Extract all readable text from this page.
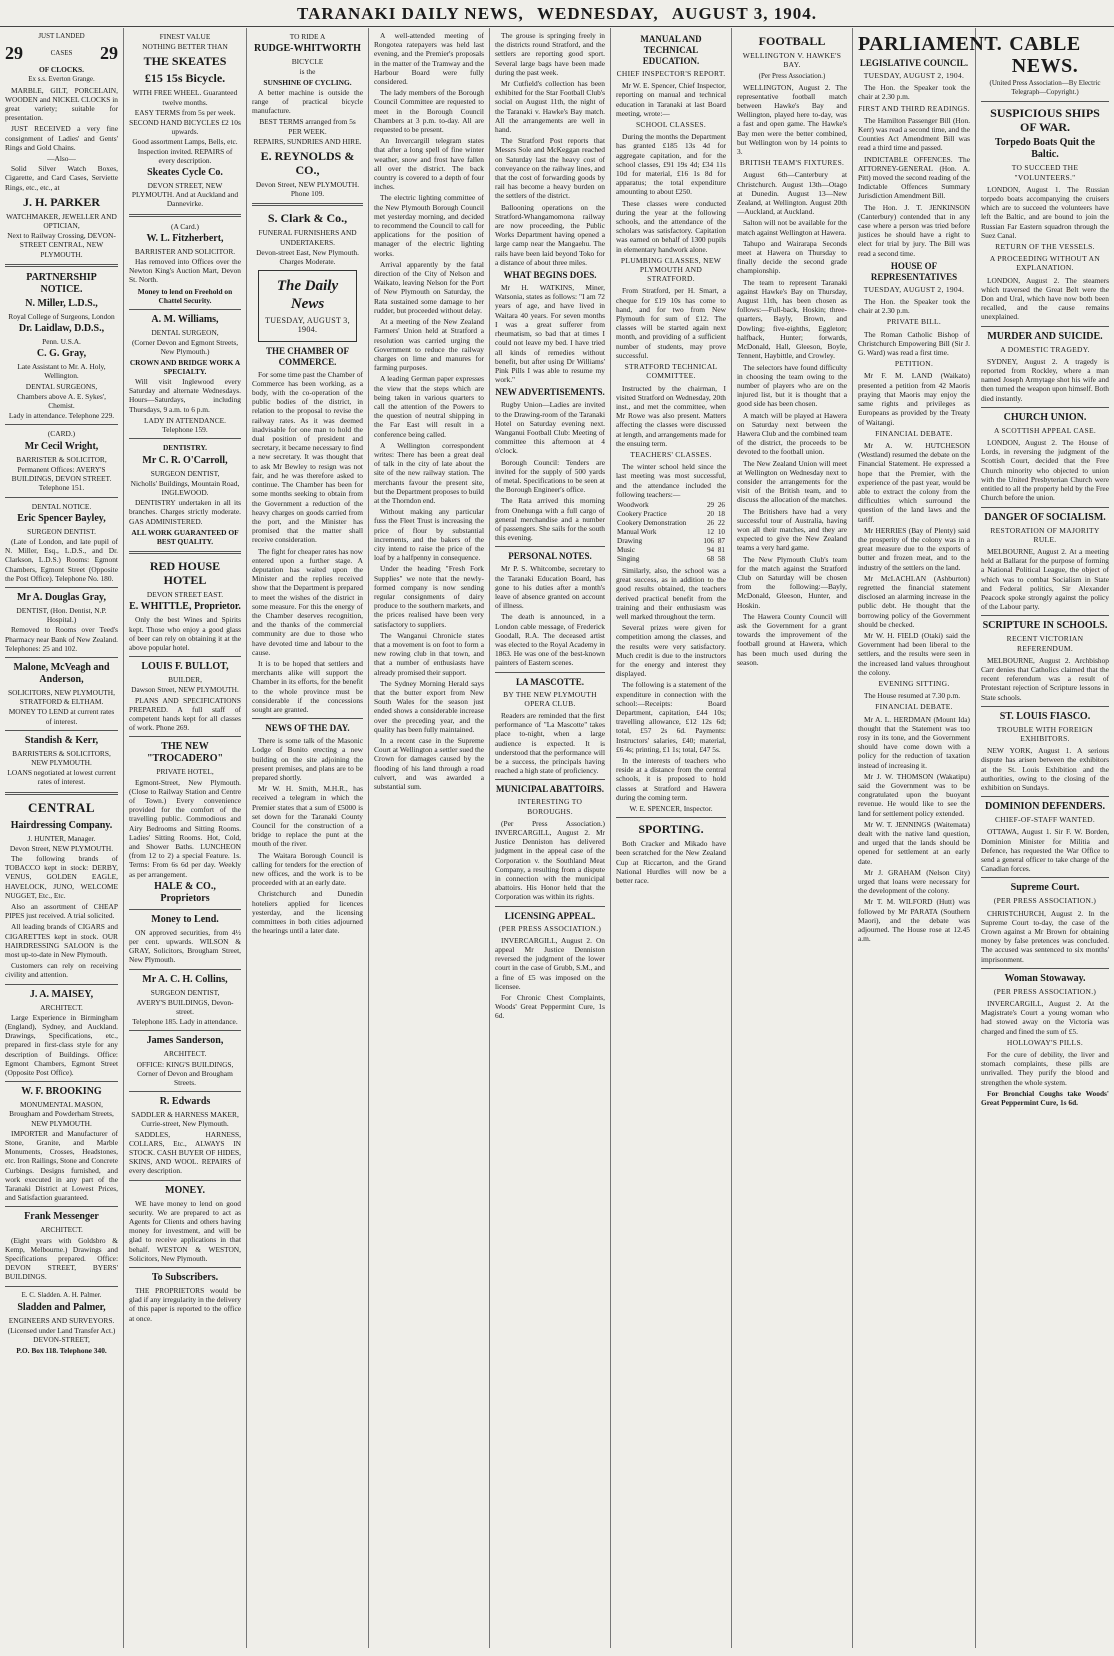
TARANAKI DAILY NEWS, WEDNESDAY, AUGUST 3, 1904.
JUST LANDED
29	CASES 29
OF CLOCKS.
Ex s.s. Everton Grange.
MARBLE, GILT, PORCELAIN, WOODEN and NICKEL CLOCKS in great variety; suitable for presentation.
JUST RECEIVED a very fine consignment of Ladies' and Gents' Rings and Gold Chains.
—Also—
Solid Silver Watch Boxes, Cigarette, and Card Cases, Serviette Rings, etc., etc., at
J. H. PARKER
WATCHMAKER, JEWELLER AND OPTICIAN,
Next to Railway Crossing, DEVON-STREET CENTRAL, NEW PLYMOUTH.
PARTNERSHIP NOTICE.
N. Miller, L.D.S.,
Royal College of Surgeons, London
Dr. Laidlaw, D.D.S.,
Penn. U.S.A.
C. G. Gray,
Late Assistant to Mr. A. Holy, Wellington.
DENTAL SURGEONS,
Chambers above A. E. Sykes', Chemist.
Lady in attendance. Telephone 229.
(CARD.)
Mr Cecil Wright,
BARRISTER & SOLICITOR,
Permanent Offices: AVERY'S BUILDINGS, DEVON STREET. Telephone 151.
DENTAL NOTICE.
Eric Spencer Bayley,
SURGEON DENTIST.
(Late of London, and late pupil of N. Miller, Esq., L.D.S., and Dr. Clarkson, L.D.S.) Rooms: Egmont Chambers, Egmont Street (Opposite the Post Office). Telephone No. 180.
Mr A. Douglas Gray,
DENTIST, (Hon. Dentist, N.P. Hospital.)
Removed to Rooms over Teed's Pharmacy near Bank of New Zealand. Telephones: 25 and 102.
Malone, McVeagh and Anderson,
SOLICITORS, NEW PLYMOUTH, STRATFORD & ELTHAM.
MONEY TO LEND at current rates of interest.
Standish & Kerr,
BARRISTERS & SOLICITORS, NEW PLYMOUTH.
LOANS negotiated at lowest current rates of interest.
CENTRAL
Hairdressing Company.
J. HUNTER, Manager.
Devon Street, NEW PLYMOUTH.
The following brands of TOBACCO kept in stock: DERBY, VENUS, GOLDEN EAGLE, HAVELOCK, JUNO, WELCOME NUGGET, Etc., Etc.
Also an assortment of CHEAP PIPES just received. A trial solicited.
All leading brands of CIGARS and CIGARETTES kept in stock. OUR HAIRDRESSING SALOON is the most up-to-date in New Plymouth.
Customers can rely on receiving civility and attention.
J. A. MAISEY,
ARCHITECT.
Large Experience in Birmingham (England), Sydney, and Auckland. Drawings, Specifications, etc., prepared in first-class style for any description of Buildings. Office: Egmont Chambers, Egmont Street (Opposite Post Office).
W. F. BROOKING
MONUMENTAL MASON, Brougham and Powderham Streets, NEW PLYMOUTH.
IMPORTER and Manufacturer of Stone, Granite, and Marble Monuments, Crosses, Headstones, etc. Iron Railings, Stone and Concrete Curbings. Designs furnished, and work executed in any part of the Taranaki District at Lowest Prices, and Satisfaction guaranteed.
Frank Messenger
ARCHITECT.
(Eight years with Goldsbro & Kemp, Melbourne.) Drawings and Specifications prepared. Office: DEVON STREET, BYERS' BUILDINGS.
E. C. Sladden. A. H. Palmer.
Sladden and Palmer,
ENGINEERS AND SURVEYORS.
(Licensed under Land Transfer Act.) DEVON-STREET,
P.O. Box 118. Telephone 340.
FINEST VALUE
NOTHING BETTER THAN
THE SKEATES
£15 15s Bicycle.
WITH FREE WHEEL. Guaranteed twelve months.
EASY TERMS from 5s per week.
SECOND HAND BICYCLES £2 10s upwards.
Good assortment Lamps, Bells, etc. Inspection invited. REPAIRS of every description.
Skeates Cycle Co.
DEVON STREET, NEW PLYMOUTH. And at Auckland and Dannevirke.
(A Card.)
W. L. Fitzherbert,
BARRISTER AND SOLICITOR.
Has removed into Offices over the Newton King's Auction Mart, Devon St. North.
Money to lend on Freehold on Chattel Security.
A. M. Williams,
DENTAL SURGEON,
(Corner Devon and Egmont Streets, New Plymouth.)
CROWN AND BRIDGE WORK A SPECIALTY.
Will visit Inglewood every Saturday and alternate Wednesdays. Hours—Saturdays, including Thursdays, 9 a.m. to 6 p.m.
LADY IN ATTENDANCE. Telephone 159.
DENTISTRY.
Mr C. R. O'Carroll,
SURGEON DENTIST,
Nicholls' Buildings, Mountain Road, INGLEWOOD.
DENTISTRY undertaken in all its branches. Charges strictly moderate. GAS ADMINISTERED.
ALL WORK GUARANTEED OF BEST QUALITY.
RED HOUSE HOTEL
DEVON STREET EAST.
E. WHITTLE, Proprietor.
Only the best Wines and Spirits kept. Those who enjoy a good glass of beer can rely on obtaining it at the above popular hotel.
LOUIS F. BULLOT,
BUILDER,
Dawson Street, NEW PLYMOUTH.
PLANS AND SPECIFICATIONS PREPARED. A full staff of competent hands kept for all classes of work. Phone 269.
THE NEW "TROCADERO"
PRIVATE HOTEL,
Egmont-Street, New Plymouth. (Close to Railway Station and Centre of Town.) Every convenience provided for the comfort of the travelling public. Commodious and Airy Bedrooms and Sitting Rooms. Ladies' Sitting Rooms. Hot, Cold, and Shower Baths. LUNCHEON (from 12 to 2) a special Feature. 1s. Terms: From 6s 6d per day. Weekly as per arrangement.
HALE & CO., Proprietors
Money to Lend.
ON approved securities, from 4½ per cent. upwards. WILSON & GRAY, Solicitors, Brougham Street, New Plymouth.
Mr A. C. H. Collins,
SURGEON DENTIST,
AVERY'S BUILDINGS, Devon-street.
Telephone 185. Lady in attendance.
James Sanderson,
ARCHITECT.
OFFICE: KING'S BUILDINGS, Corner of Devon and Brougham Streets.
R. Edwards
SADDLER & HARNESS MAKER, Currie-street, New Plymouth.
SADDLES, HARNESS, COLLARS, Etc., ALWAYS IN STOCK. CASH BUYER OF HIDES, SKINS, AND WOOL. REPAIRS of every description.
MONEY.
WE have money to lend on good security. We are prepared to act as Agents for Clients and others having money for investment, and will be glad to receive applications in that behalf. WESTON & WESTON, Solicitors, New Plymouth.
To Subscribers.
THE PROPRIETORS would be glad if any irregularity in the delivery of this paper is reported to the office at once.
TO RIDE A
RUDGE-WHITWORTH
BICYCLE
is the
SUNSHINE OF CYCLING.
A better machine is outside the range of practical bicycle manufacture.
BEST TERMS arranged from 5s PER WEEK.
REPAIRS, SUNDRIES AND HIRE.
E. REYNOLDS & CO.,
Devon Street, NEW PLYMOUTH. Phone 109.
S. Clark & Co.,
FUNERAL FURNISHERS AND UNDERTAKERS.
Devon-street East, New Plymouth. Charges Moderate.
The Daily News
TUESDAY, AUGUST 3, 1904.
THE CHAMBER OF COMMERCE.
For some time past the Chamber of Commerce has been working, as a body, with the co-operation of the public bodies of the district, in relation to the proposal to revise the railway rates. As it was deemed inadvisable for one man to hold the dual position of president and secretary, it became necessary to find a new secretary. It was thought that to ask Mr Bewley to resign was not fair, and he was therefore asked to continue. The Chamber has been for some months seeking to obtain from the Government a reduction of the heavy charges on goods carried from the port, and the Minister has promised that the matter shall receive consideration.
The fight for cheaper rates has now entered upon a further stage. A deputation has waited upon the Minister and the replies received show that the Department is prepared to meet the wishes of the district in some measure. For this the energy of the Chamber deserves recognition, and the thanks of the commercial community are due to those who have devoted time and labour to the cause.
It is to be hoped that settlers and merchants alike will support the Chamber in its efforts, for the benefit to the whole province must be considerable if the concessions sought are granted.
NEWS OF THE DAY.
There is some talk of the Masonic Lodge of Bonito erecting a new building on the site adjoining the present premises, and plans are to be prepared shortly.
Mr W. H. Smith, M.H.R., has received a telegram in which the Premier states that a sum of £5000 is set down for the Taranaki County Council for the construction of a bridge to replace the punt at the mouth of the river.
The Waitara Borough Council is calling for tenders for the erection of new offices, and the work is to be proceeded with at an early date.
Christchurch and Dunedin hoteliers applied for licences yesterday, and the licensing committees in both cities adjourned the hearings until a later date.
A well-attended meeting of Rongotea ratepayers was held last evening, and the Premier's proposals in the matter of the Tramway and the Harbour Board were fully considered.
The lady members of the Borough Council Committee are requested to meet in the Borough Council Chambers at 3 p.m. to-day. All are requested to be present.
An Invercargill telegram states that after a long spell of fine winter weather, snow and frost have fallen all over the district. The back country is covered to a depth of four inches.
The electric lighting committee of the New Plymouth Borough Council met yesterday morning, and decided to recommend the Council to call for applications for the position of manager of the electric lighting works.
Arrival apparently by the fatal direction of the City of Nelson and Waikato, leaving Nelson for the Port of New Plymouth on Saturday, the Rata sustained some damage to her rudder, but proceeded without delay.
At a meeting of the New Zealand Farmers' Union held at Stratford a resolution was carried urging the Government to reduce the railway charges on lime and manures for farming purposes.
A leading German paper expresses the view that the steps which are being taken in various quarters to call the attention of the Powers to the question of neutral shipping in the Far East will result in a conference being called.
A Wellington correspondent writes: There has been a great deal of talk in the city of late about the site of the new railway station. The merchants favour the present site, but the Department proposes to build at the Thorndon end.
Without making any particular fuss the Fleet Trust is increasing the price of flour by substantial increments, and the bakers of the city intend to raise the price of the loaf by a halfpenny in consequence.
Under the heading "Fresh Fork Supplies" we note that the newly-formed company is now sending regular consignments of dairy produce to the southern markets, and the prices realised have been very satisfactory to suppliers.
The Wanganui Chronicle states that a movement is on foot to form a new rowing club in that town, and that a number of enthusiasts have already promised their support.
The Sydney Morning Herald says that the butter export from New South Wales for the season just ended shows a considerable increase over the preceding year, and the quality has been fully maintained.
In a recent case in the Supreme Court at Wellington a settler sued the Crown for damages caused by the flooding of his land through a road culvert, and was awarded a substantial sum.
The grouse is springing freely in the districts round Stratford, and the settlers are reporting good sport. Several large bags have been made during the past week.
Mr Cutfield's collection has been exhibited for the Star Football Club's social on August 11th, the night of the Taranaki v. Hawke's Bay match. All the arrangements are well in hand.
The Stratford Post reports that Messrs Sole and McKeggan reached on Saturday last the heavy cost of conveyance on the railway lines, and that the cost of forwarding goods by rail has become a heavy burden on the settlers of the district.
Ballooning operations on the Stratford-Whangamomona railway are now proceeding, the Public Works Department having opened a large camp near the Mangaehu. The rails have been laid beyond Toko for a distance of about three miles.
WHAT BEGINS DOES.
Mr H. WATKINS, Miner, Watsonia, states as follows: "I am 72 years of age, and have lived in Waitara 40 years. For seven months I was a great sufferer from rheumatism, so bad that at times I could not leave my bed. I have tried all kinds of remedies without benefit, but after using Dr Williams' Pink Pills I was able to resume my work."
NEW ADVERTISEMENTS.
Rugby Union—Ladies are invited to the Drawing-room of the Taranaki Hotel on Saturday evening next. Wanganui Football Club: Meeting of committee this afternoon at 4 o'clock.
Borough Council: Tenders are invited for the supply of 500 yards of metal. Specifications to be seen at the Borough Engineer's office.
The Rata arrived this morning from Onehunga with a full cargo of general merchandise and a number of passengers. She sails for the south this evening.
PERSONAL NOTES.
Mr P. S. Whitcombe, secretary to the Taranaki Education Board, has gone to his duties after a month's leave of absence granted on account of illness.
The death is announced, in a London cable message, of Frederick Goodall, R.A. The deceased artist was elected to the Royal Academy in 1863. He was one of the best-known painters of Eastern scenes.
LA MASCOTTE.
BY THE NEW PLYMOUTH OPERA CLUB.
Readers are reminded that the first performance of "La Mascotte" takes place to-night, when a large audience is expected. It is understood that the performance will be a success, the principals having reached a high state of proficiency.
MUNICIPAL ABATTOIRS.
INTERESTING TO BOROUGHS.
(Per Press Association.) INVERCARGILL, August 2. Mr Justice Denniston has delivered judgment in the appeal case of the Corporation v. the Southland Meat Company, a resulting from a dispute in connection with the municipal abattoirs. His Honor held that the Corporation was within its rights.
LICENSING APPEAL.
(PER PRESS ASSOCIATION.)
INVERCARGILL, August 2. On appeal Mr Justice Denniston reversed the judgment of the lower court in the case of Grubb, S.M., and a fine of £5 was imposed on the licensee.
For Chronic Chest Complaints, Woods' Great Peppermint Cure, 1s 6d.
MANUAL AND TECHNICAL EDUCATION.
CHIEF INSPECTOR'S REPORT.
Mr W. E. Spencer, Chief Inspector, reporting on manual and technical education in Taranaki at last Board meeting, wrote:—
SCHOOL CLASSES.
During the months the Department has granted £185 13s 4d for aggregate capitation, and for the school classes, £91 19s 4d; £34 11s 10d for material, £16 1s 8d for apparatus; the total expenditure amounting to about £250.
These classes were conducted during the year at the following schools, and the attendance of the scholars was satisfactory. Capitation was earned on behalf of 1300 pupils in elementary handwork alone.
PLUMBING CLASSES, NEW PLYMOUTH AND STRATFORD.
From Stratford, per H. Smart, a cheque for £19 10s has come to hand, and for two from New Plymouth for sum of £12. The classes will be started again next month, and providing of a sufficient number of students, may prove successful.
STRATFORD TECHNICAL COMMITTEE.
Instructed by the chairman, I visited Stratford on Wednesday, 20th inst., and met the committee, when Mr Rowe was also present. Matters affecting the classes were discussed at length, and arrangements made for the ensuing term.
TEACHERS' CLASSES.
The winter school held since the last meeting was most successful, and the attendance included the following teachers:—
Woodwork	29	26
Cookery Practice	20	18
Cookery Demonstration	26	22
Manual Work	12	10
Drawing	106	87
Music	94	81
Singing	68	58
Similarly, also, the school was a great success, as in addition to the good results obtained, the teachers derived practical benefit from the training and their enthusiasm was well marked throughout the term.
Several prizes were given for competition among the classes, and the results were very satisfactory. Much credit is due to the instructors for the energy and interest they displayed.
The following is a statement of the expenditure in connection with the school:—Receipts: Board Department, capitation, £44 10s; travelling allowance, £12 12s 6d; total, £57 2s 6d. Payments: Instructors' salaries, £40; material, £6 4s; printing, £1 1s; total, £47 5s.
In the interests of teachers who reside at a distance from the central schools, it is proposed to hold classes at Stratford and Hawera during the coming term.
W. E. SPENCER, Inspector.
SPORTING.
Both Cracker and Mikado have been scratched for the New Zealand Cup at Riccarton, and the Grand National Hurdles will now be a better race.
FOOTBALL
WELLINGTON V. HAWKE'S BAY.
(Per Press Association.)
WELLINGTON, August 2. The representative football match between Hawke's Bay and Wellington, played here to-day, was a fast and open game. The Hawke's Bay men were the better combined, but Wellington won by 14 points to 3.
BRITISH TEAM'S FIXTURES.
August 6th—Canterbury at Christchurch. August 13th—Otago at Dunedin. August 13—New Zealand, at Wellington. August 20th—Auckland, at Auckland.
Salton will not be available for the match against Wellington at Hawera.
Tahupo and Wairarapa Seconds meet at Hawera on Thursday to finally decide the second grade championship.
The team to represent Taranaki against Hawke's Bay on Thursday, August 11th, has been chosen as follows:—Full-back, Hoskin; three-quarters, Bayly, Brown, and Dowling; five-eighths, Eggleton; halfback, Hunter; forwards, McDonald, Hall, Gleeson, Boyle, Tennent, Haybittle, and Crowley.
The selectors have found difficulty in choosing the team owing to the number of players who are on the injured list, but it is thought that a good side has been chosen.
A match will be played at Hawera on Saturday next between the Hawera Club and the combined team of the district, the proceeds to be devoted to the football union.
The New Zealand Union will meet at Wellington on Wednesday next to consider the arrangements for the visit of the British team, and to discuss the allocation of the matches.
The Britishers have had a very successful tour of Australia, having won all their matches, and they are expected to give the New Zealand teams a very hard game.
The New Plymouth Club's team for the match against the Stratford Club on Saturday will be chosen from the following:—Bayly, McDonald, Gleeson, Hunter, and Hoskin.
The Hawera County Council will ask the Government for a grant towards the improvement of the football ground at Hawera, which has been much used during the season.
PARLIAMENT.
LEGISLATIVE COUNCIL.
TUESDAY, AUGUST 2, 1904.
The Hon. the Speaker took the chair at 2.30 p.m.
FIRST AND THIRD READINGS.
The Hamilton Passenger Bill (Hon. Kerr) was read a second time, and the Counties Act Amendment Bill was read a third time and passed.
INDICTABLE OFFENCES. The ATTORNEY-GENERAL (Hon. A. Pitt) moved the second reading of the Indictable Offences Summary Jurisdiction Amendment Bill.
The Hon. J. T. JENKINSON (Canterbury) contended that in any case where a person was tried before justices he should have a right to elect for trial by jury. The Bill was read a second time.
HOUSE OF REPRESENTATIVES
TUESDAY, AUGUST 2, 1904.
The Hon. the Speaker took the chair at 2.30 p.m.
PRIVATE BILL.
The Roman Catholic Bishop of Christchurch Empowering Bill (Sir J. G. Ward) was read a first time.
PETITION.
Mr F. M. LAND (Waikato) presented a petition from 42 Maoris praying that Maoris may enjoy the same rights and privileges as Europeans as provided by the Treaty of Waitangi.
FINANCIAL DEBATE.
Mr A. W. HUTCHESON (Westland) resumed the debate on the Financial Statement. He expressed a hope that the Premier, with the experience of the past year, would be able to extract the colony from the difficulties which surround the question of the land laws and the tariff.
Mr HERRIES (Bay of Plenty) said the prosperity of the colony was in a great measure due to the exports of butter and frozen meat, and to the industry of the settlers on the land.
Mr McLACHLAN (Ashburton) regretted the financial statement disclosed an alarming increase in the public debt. He thought that the borrowing policy of the Government should be checked.
Mr W. H. FIELD (Otaki) said the Government had been liberal to the settlers, and the results were seen in the increased land values throughout the colony.
EVENING SITTING.
The House resumed at 7.30 p.m.
FINANCIAL DEBATE.
Mr A. L. HERDMAN (Mount Ida) thought that the Statement was too rosy in its tone, and the Government should have come down with a policy for the reduction of taxation instead of increasing it.
Mr J. W. THOMSON (Wakatipu) said the Government was to be congratulated upon the buoyant revenue. He would like to see the land for settlement policy extended.
Mr W. T. JENNINGS (Waitemata) dealt with the native land question, and urged that the lands should be opened for settlement at an early date.
Mr J. GRAHAM (Nelson City) urged that loans were necessary for the development of the colony.
Mr T. M. WILFORD (Hutt) was followed by Mr PARATA (Southern Maori), and the debate was adjourned. The House rose at 12.45 a.m.
CABLE NEWS.
(United Press Association—By Electric Telegraph—Copyright.)
SUSPICIOUS SHIPS OF WAR.
Torpedo Boats Quit the Baltic.
TO SUCCEED THE "VOLUNTEERS."
LONDON, August 1. The Russian torpedo boats accompanying the cruisers which are to succeed the volunteers have left the Baltic, and are bound to join the Russian Far Eastern squadron through the Suez Canal.
RETURN OF THE VESSELS.
A PROCEEDING WITHOUT AN EXPLANATION.
LONDON, August 2. The steamers which traversed the Great Belt were the Don and Ural, which have now both been recalled, and the cause remains unexplained.
MURDER AND SUICIDE.
A DOMESTIC TRAGEDY.
SYDNEY, August 2. A tragedy is reported from Rockley, where a man named Joseph Armytage shot his wife and then turned the weapon upon himself. Both died instantly.
CHURCH UNION.
A SCOTTISH APPEAL CASE.
LONDON, August 2. The House of Lords, in reversing the judgment of the Scottish Court, decided that the Free Church minority who objected to union with the United Presbyterian Church were entitled to all the property held by the Free Church before the union.
DANGER OF SOCIALISM.
RESTORATION OF MAJORITY RULE.
MELBOURNE, August 2. At a meeting held at Ballarat for the purpose of forming a National Political League, the object of which was to combat Socialism in State and Federal politics, Sir Alexander Peacock spoke strongly against the policy of the Labour party.
SCRIPTURE IN SCHOOLS.
RECENT VICTORIAN REFERENDUM.
MELBOURNE, August 2. Archbishop Carr denies that Catholics claimed that the recent referendum was a result of Protestant rejection of Scripture lessons in State schools.
ST. LOUIS FIASCO.
TROUBLE WITH FOREIGN EXHIBITORS.
NEW YORK, August 1. A serious dispute has arisen between the exhibitors at the St. Louis Exhibition and the authorities, owing to the closing of the exhibition on Sundays.
DOMINION DEFENDERS.
CHIEF-OF-STAFF WANTED.
OTTAWA, August 1. Sir F. W. Borden, Dominion Minister for Militia and Defence, has requested the War Office to send a general officer to take charge of the Canadian forces.
Supreme Court.
(PER PRESS ASSOCIATION.)
CHRISTCHURCH, August 2. In the Supreme Court to-day, the case of the Crown against a Mr Brown for obtaining money by false pretences was concluded. The accused was sentenced to six months' imprisonment.
Woman Stowaway.
(PER PRESS ASSOCIATION.)
INVERCARGILL, August 2. At the Magistrate's Court a young woman who had stowed away on the Victoria was charged and fined the sum of £5.
HOLLOWAY'S PILLS.
For the cure of debility, the liver and stomach complaints, these pills are unrivalled. They purify the blood and strengthen the whole system.
For Bronchial Coughs take Woods' Great Peppermint Cure, 1s 6d.
